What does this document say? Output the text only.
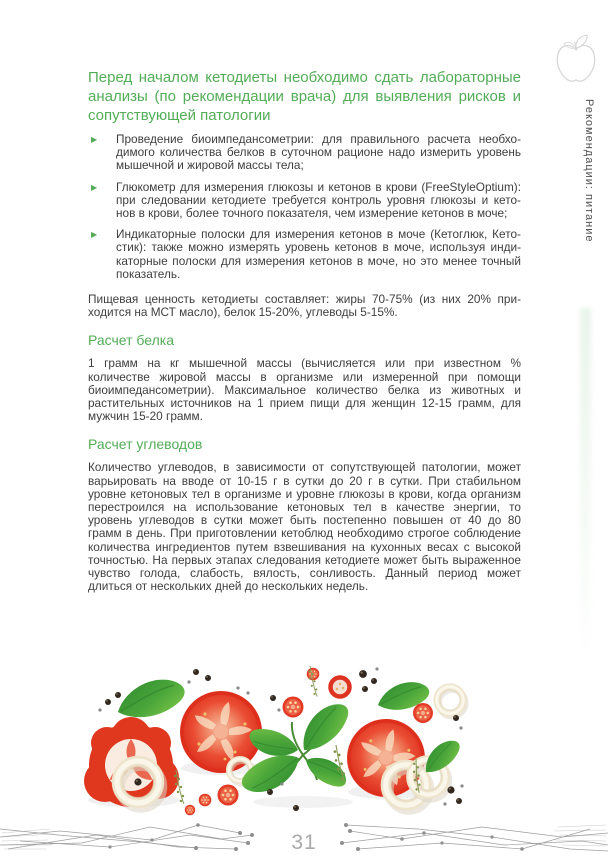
Рекомендации: питание
Перед началом кетодиеты необходимо сдать лабораторные анализы (по рекомендации врача) для выявления рисков и сопутствующей патологии
▶	Проведение биоимпедансометрии: для правильного расчета необхо-димого количества белков в суточном рационе надо измерить уровень мышечной и жировой массы тела;
▶	Глюкометр для измерения глюкозы и кетонов в крови (FreeStyleOptium): при следовании кетодиете требуется контроль уровня глюкозы и кето- нов в крови, более точного показателя, чем измерение кетонов в моче;
▶	Индикаторные полоски для измерения кетонов в моче (Кетоглюк, Кето- стик): также можно измерять уровень кетонов в моче, используя инди- каторные полоски для измерения кетонов в моче, но это менее точный показатель.

Пищевая ценность кетодиеты составляет: жиры 70-75% (из них 20% при-ходится на МСТ масло), белок 15-20%, углеводы 5-15%.

Расчет белка

1 грамм на кг мышечной массы (вычисляется или при известном % количестве жировой массы в организме или измеренной при помощи биоимпедансометрии). Максимальное количество белка из животных и растительных источников на 1 прием пищи для женщин 12-15 грамм, для мужчин 15-20 грамм.

Расчет углеводов

Количество углеводов, в зависимости от сопутствующей патологии, может варьировать на вводе от 10-15 г в сутки до 20 г в сутки. При стабильном уровне кетоновых тел в организме и уровне глюкозы в крови, когда организм перестроился на использование кетоновых тел в качестве энергии, то уровень углеводов в сутки может быть постепенно повышен от 40 до 80 грамм в день. При приготовлении кетоблюд необходимо строгое соблюдение количества ингредиентов путем взвешивания на кухонных весах с высокой точностью. На первых этапах следования кетодиете может быть выраженное чувство голода, слабость, вялость, сонливость. Данный период может длиться от нескольких дней до нескольких недель.

31
